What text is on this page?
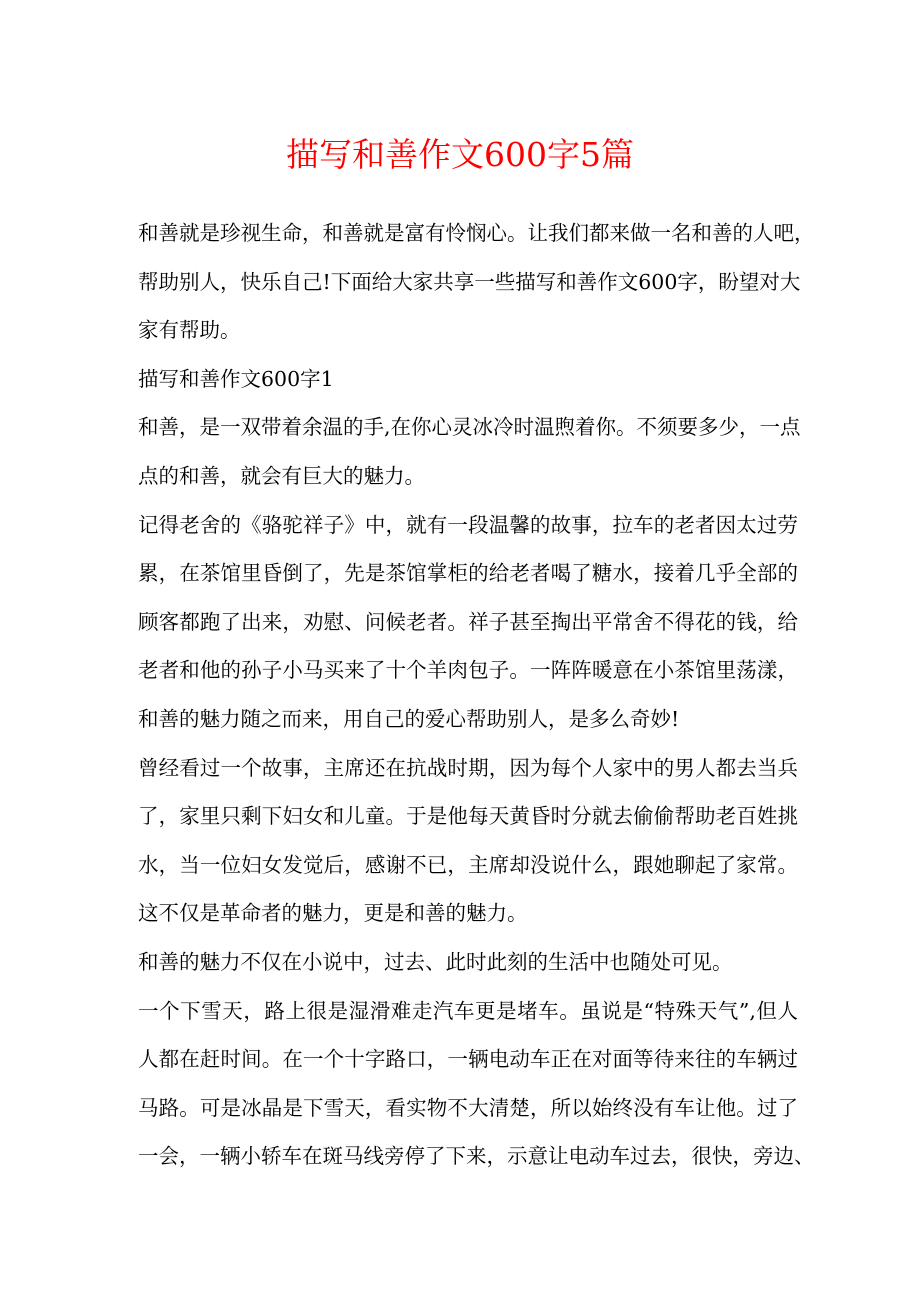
描写和善作文600字5篇
和善就是珍视生命，和善就是富有怜悯心。让我们都来做一名和善的人吧，
帮助别人，快乐自己!下面给大家共享一些描写和善作文600字，盼望对大
家有帮助。
描写和善作文600字1
和善，是一双带着余温的手,在你心灵冰冷时温煦着你。不须要多少，一点
点的和善，就会有巨大的魅力。
记得老舍的《骆驼祥子》中，就有一段温馨的故事，拉车的老者因太过劳
累，在茶馆里昏倒了，先是茶馆掌柜的给老者喝了糖水，接着几乎全部的
顾客都跑了出来，劝慰、问候老者。祥子甚至掏出平常舍不得花的钱，给
老者和他的孙子小马买来了十个羊肉包子。一阵阵暖意在小茶馆里荡漾，
和善的魅力随之而来，用自己的爱心帮助别人，是多么奇妙!
曾经看过一个故事，主席还在抗战时期，因为每个人家中的男人都去当兵
了，家里只剩下妇女和儿童。于是他每天黄昏时分就去偷偷帮助老百姓挑
水，当一位妇女发觉后，感谢不已，主席却没说什么，跟她聊起了家常。
这不仅是革命者的魅力，更是和善的魅力。
和善的魅力不仅在小说中，过去、此时此刻的生活中也随处可见。
一个下雪天，路上很是湿滑难走汽车更是堵车。虽说是“特殊天气”,但人
人都在赶时间。在一个十字路口，一辆电动车正在对面等待来往的车辆过
马路。可是冰晶是下雪天，看实物不大清楚，所以始终没有车让他。过了
一会，一辆小轿车在斑马线旁停了下来，示意让电动车过去，很快，旁边、
